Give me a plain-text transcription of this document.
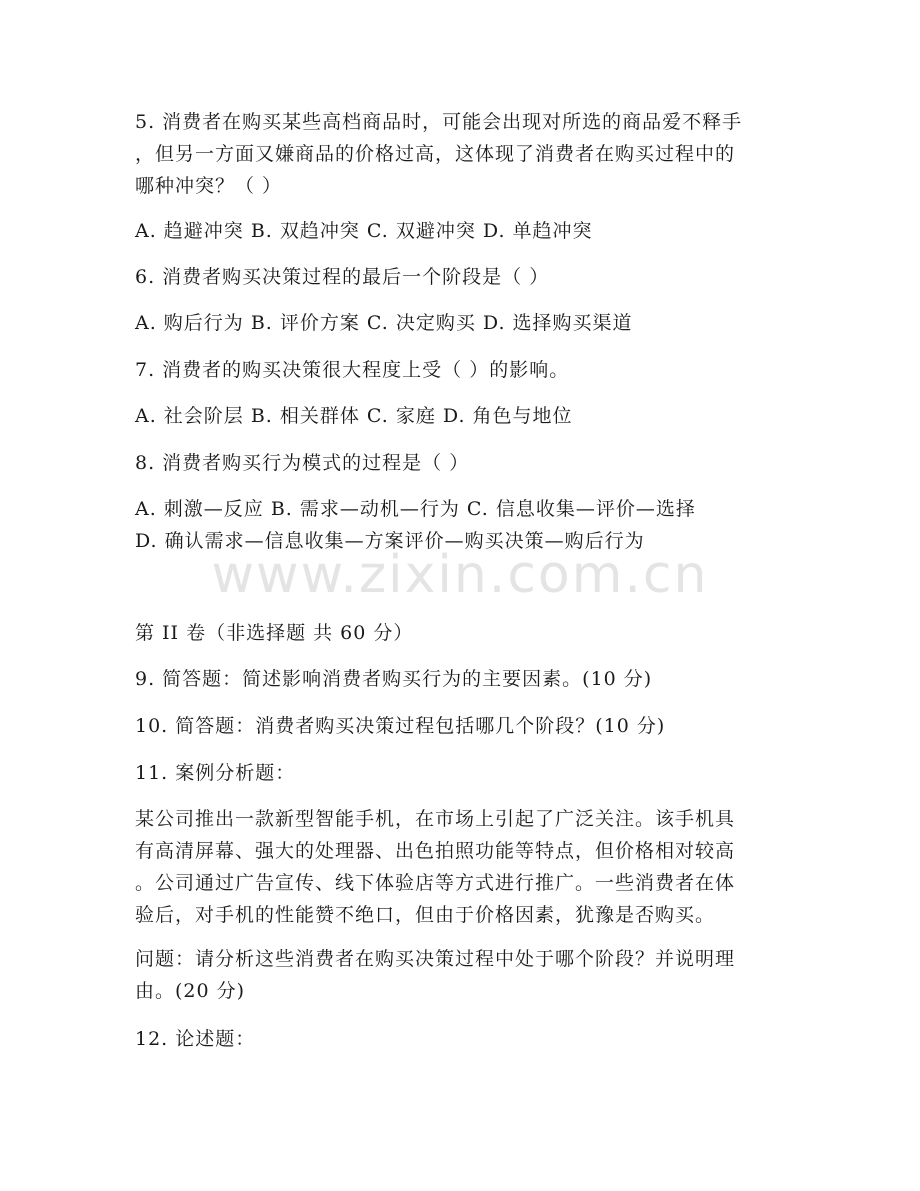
5. 消费者在购买某些高档商品时，可能会出现对所选的商品爱不释手
，但另一方面又嫌商品的价格过高，这体现了消费者在购买过程中的
哪种冲突？（ ）
A. 趋避冲突 B. 双趋冲突 C. 双避冲突 D. 单趋冲突
6. 消费者购买决策过程的最后一个阶段是（ ）
A. 购后行为 B. 评价方案 C. 决定购买 D. 选择购买渠道
7. 消费者的购买决策很大程度上受（ ）的影响。
A. 社会阶层 B. 相关群体 C. 家庭 D. 角色与地位
8. 消费者购买行为模式的过程是（ ）
A. 刺激—反应 B. 需求—动机—行为 C. 信息收集—评价—选择
D. 确认需求—信息收集—方案评价—购买决策—购后行为
www.zixin.com.cn
第 II 卷（非选择题 共 60 分）
9. 简答题：简述影响消费者购买行为的主要因素。(10 分)
10. 简答题：消费者购买决策过程包括哪几个阶段？(10 分)
11. 案例分析题：
某公司推出一款新型智能手机，在市场上引起了广泛关注。该手机具
有高清屏幕、强大的处理器、出色拍照功能等特点，但价格相对较高
。公司通过广告宣传、线下体验店等方式进行推广。一些消费者在体
验后，对手机的性能赞不绝口，但由于价格因素，犹豫是否购买。
问题：请分析这些消费者在购买决策过程中处于哪个阶段？并说明理
由。(20 分)
12. 论述题：
